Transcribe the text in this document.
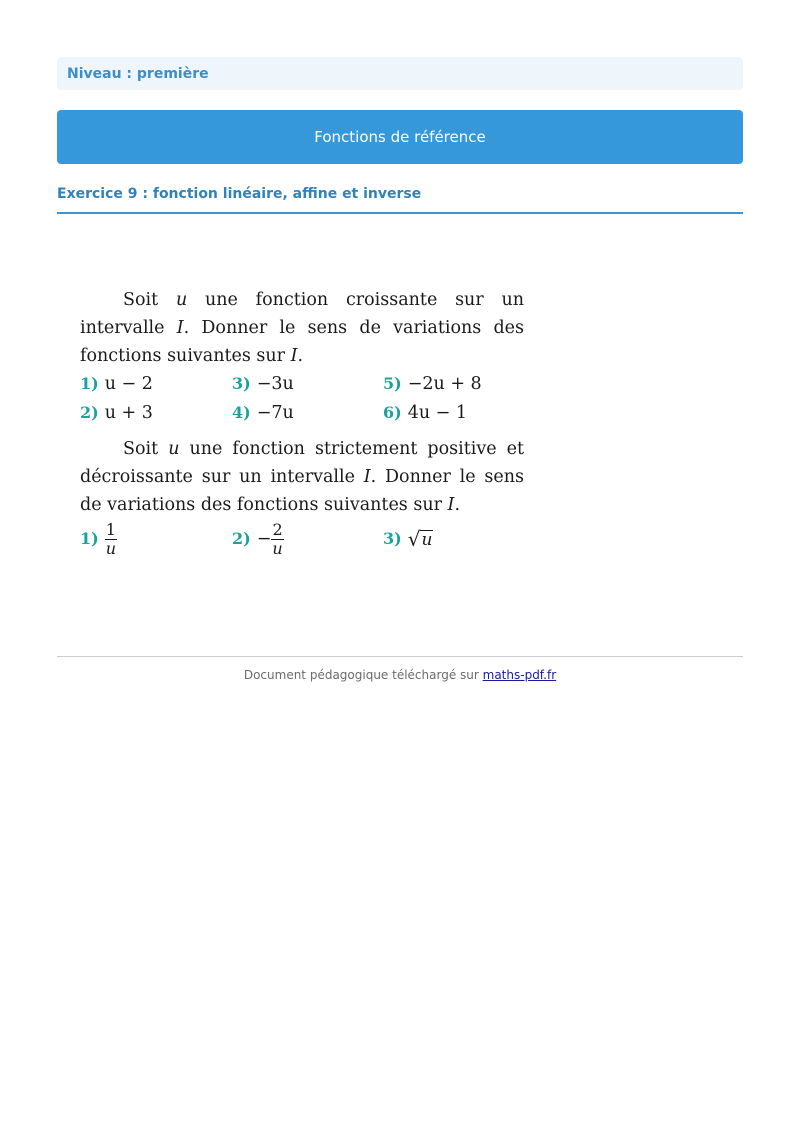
Niveau : première
Fonctions de référence
Exercice 9 : fonction linéaire, affine et inverse

Soit u une fonction croissante sur un intervalle I. Donner le sens de variations des fonctions suivantes sur I.

1) u − 2	3) −3u	5) −2u + 8
2) u + 3	4) −7u	6) 4u − 1

Soit u une fonction strictement positive et décroissante sur un intervalle I. Donner le sens de variations des fonctions suivantes sur I.

$1) \frac{1}{u}$	$2) - \frac{2}{u}$	3) √ u
Document pédagogique téléchargé sur maths-pdf.fr
